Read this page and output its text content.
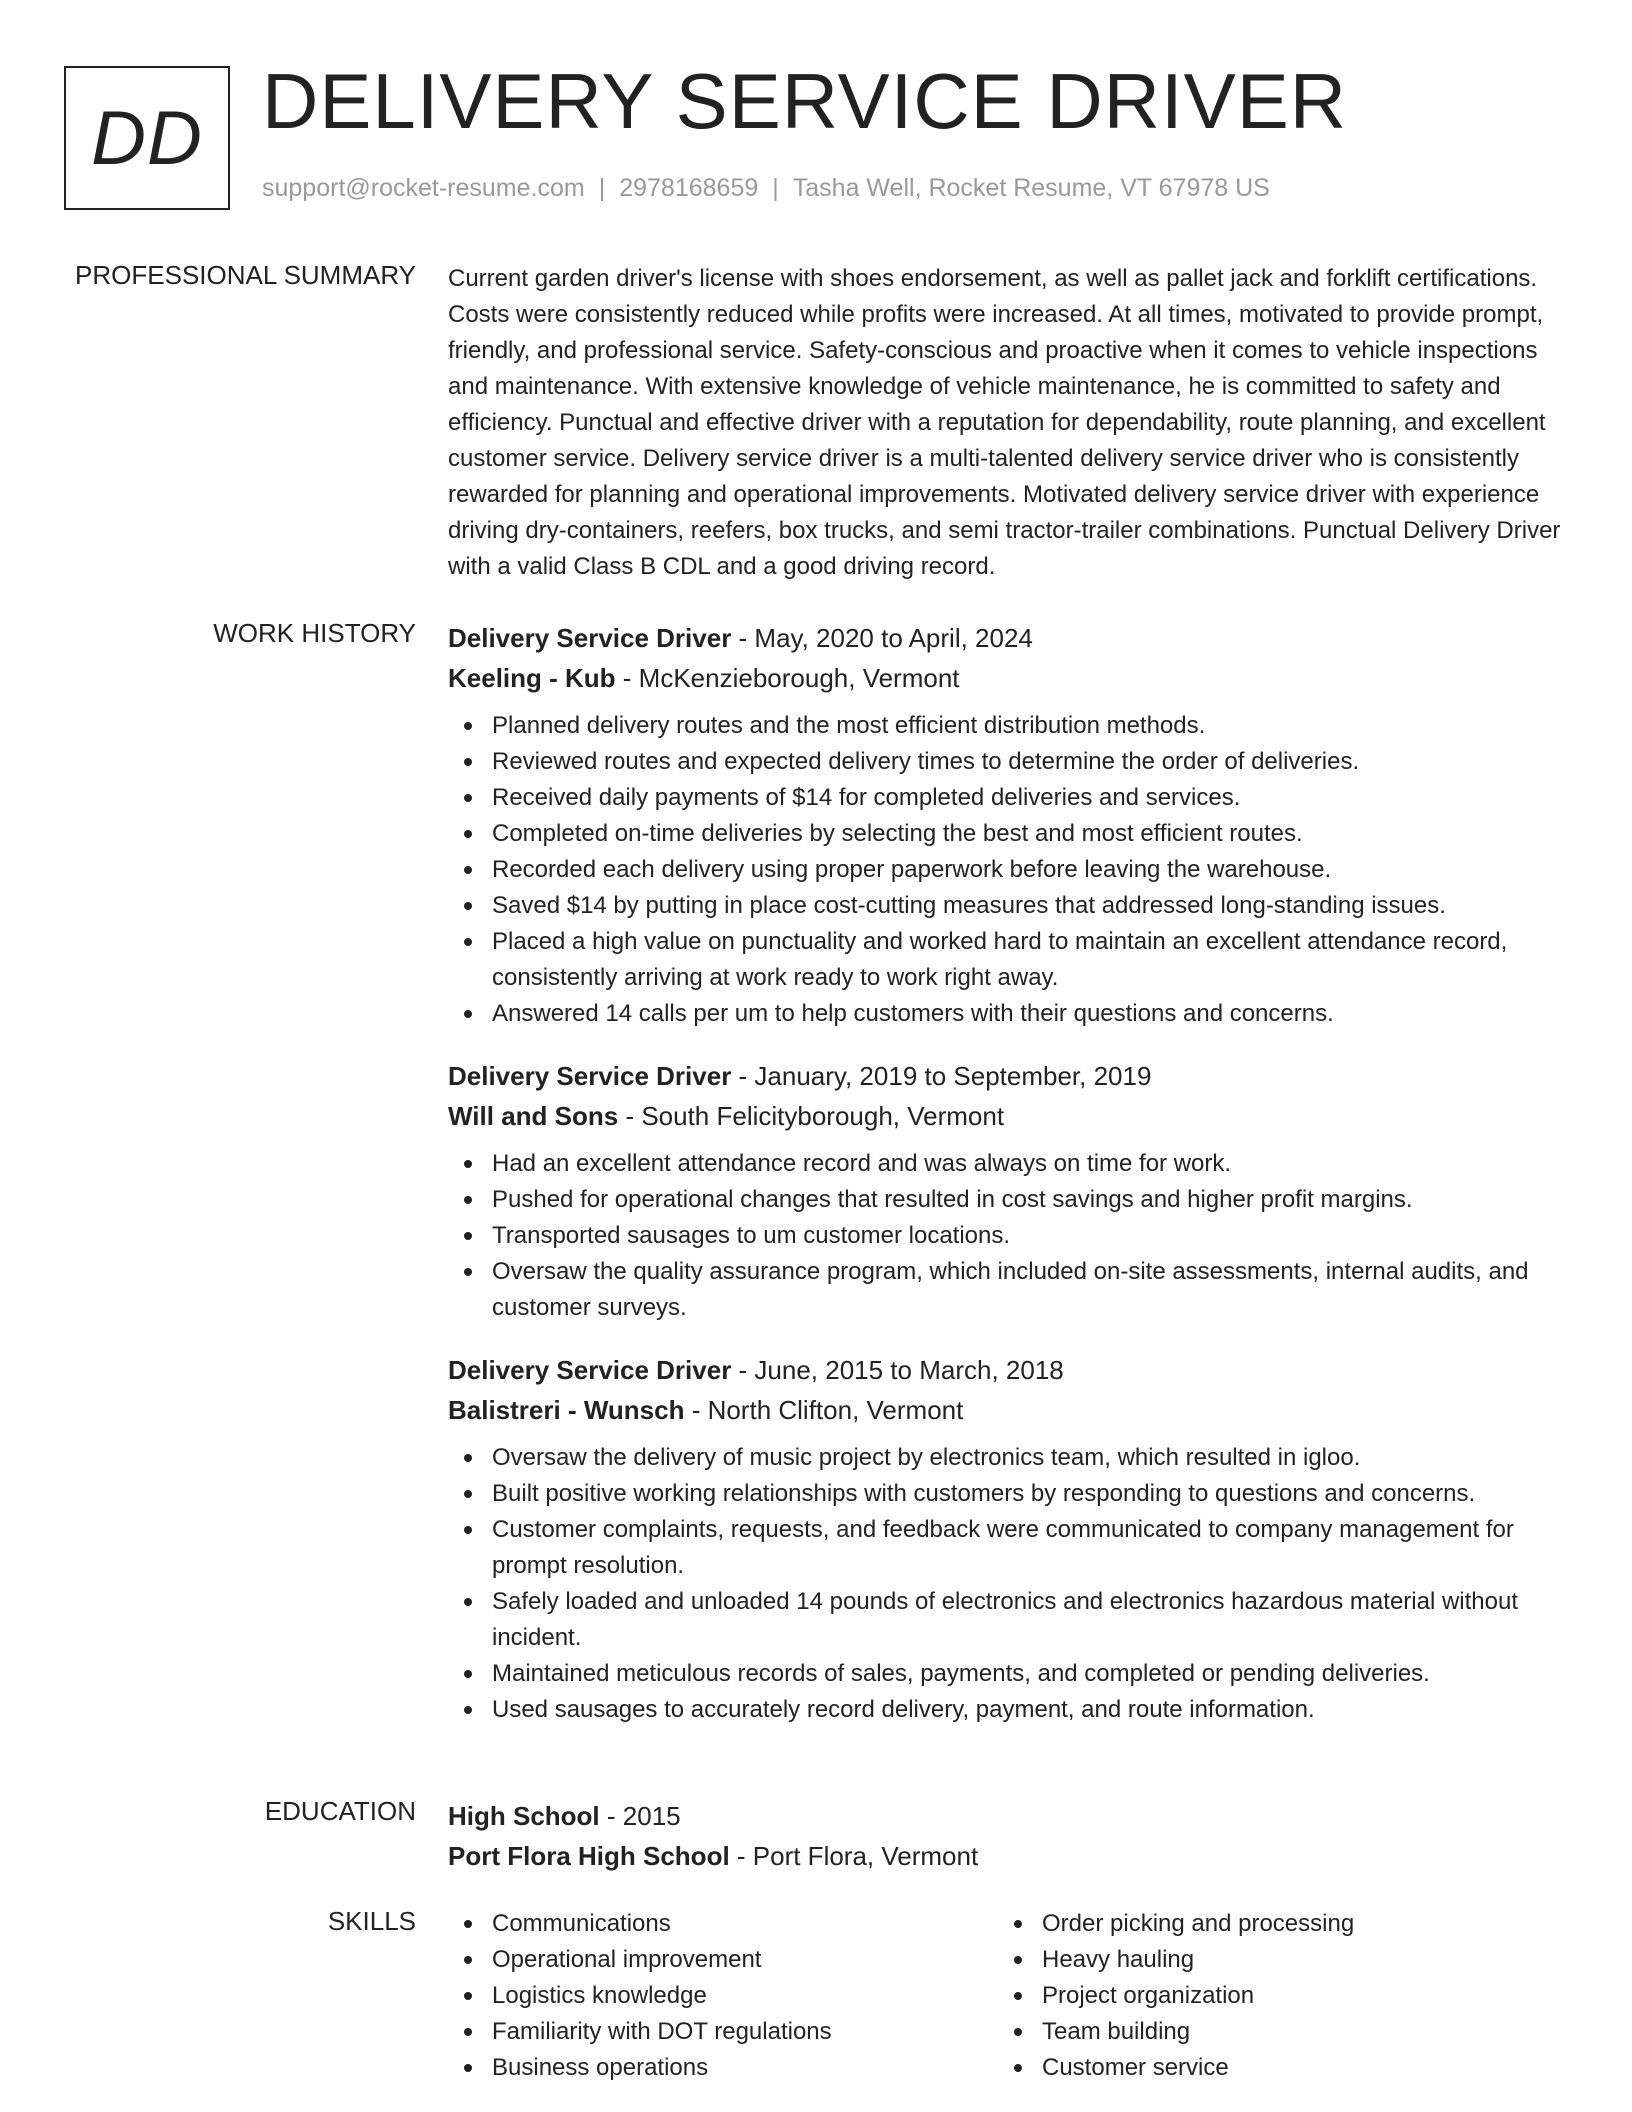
DD DELIVERY SERVICE DRIVER
support@rocket-resume.com | 2978168659 | Tasha Well, Rocket Resume, VT 67978 US
PROFESSIONAL SUMMARY Current garden driver's license with shoes endorsement, as well as pallet jack and forklift certifications. Costs were consistently reduced while profits were increased. At all times, motivated to provide prompt, friendly, and professional service. Safety-conscious and proactive when it comes to vehicle inspections and maintenance. With extensive knowledge of vehicle maintenance, he is committed to safety and efficiency. Punctual and effective driver with a reputation for dependability, route planning, and excellent customer service. Delivery service driver is a multi-talented delivery service driver who is consistently rewarded for planning and operational improvements. Motivated delivery service driver with experience driving dry-containers, reefers, box trucks, and semi tractor-trailer combinations. Punctual Delivery Driver with a valid Class B CDL and a good driving record.

WORK HISTORY Delivery Service Driver - May, 2020 to April, 2024
Keeling - Kub - McKenzieborough, Vermont
Planned delivery routes and the most efficient distribution methods.
Reviewed routes and expected delivery times to determine the order of deliveries.
Received daily payments of $14 for completed deliveries and services.
Completed on-time deliveries by selecting the best and most efficient routes.
Recorded each delivery using proper paperwork before leaving the warehouse.
Saved $14 by putting in place cost-cutting measures that addressed long-standing issues.
Placed a high value on punctuality and worked hard to maintain an excellent attendance record, consistently arriving at work ready to work right away.
Answered 14 calls per um to help customers with their questions and concerns.
Delivery Service Driver - January, 2019 to September, 2019
Will and Sons - South Felicityborough, Vermont
Had an excellent attendance record and was always on time for work.
Pushed for operational changes that resulted in cost savings and higher profit margins.
Transported sausages to um customer locations.
Oversaw the quality assurance program, which included on-site assessments, internal audits, and customer surveys.
Delivery Service Driver - June, 2015 to March, 2018
Balistreri - Wunsch - North Clifton, Vermont
Oversaw the delivery of music project by electronics team, which resulted in igloo.
Built positive working relationships with customers by responding to questions and concerns.
Customer complaints, requests, and feedback were communicated to company management for prompt resolution.
Safely loaded and unloaded 14 pounds of electronics and electronics hazardous material without incident.
Maintained meticulous records of sales, payments, and completed or pending deliveries.
Used sausages to accurately record delivery, payment, and route information.
EDUCATION High School - 2015
Port Flora High School - Port Flora, Vermont
SKILLS	Communications
Operational improvement
Logistics knowledge
Familiarity with DOT regulations
Business operations
Order picking and processing
Heavy hauling
Project organization
Team building
Customer service
